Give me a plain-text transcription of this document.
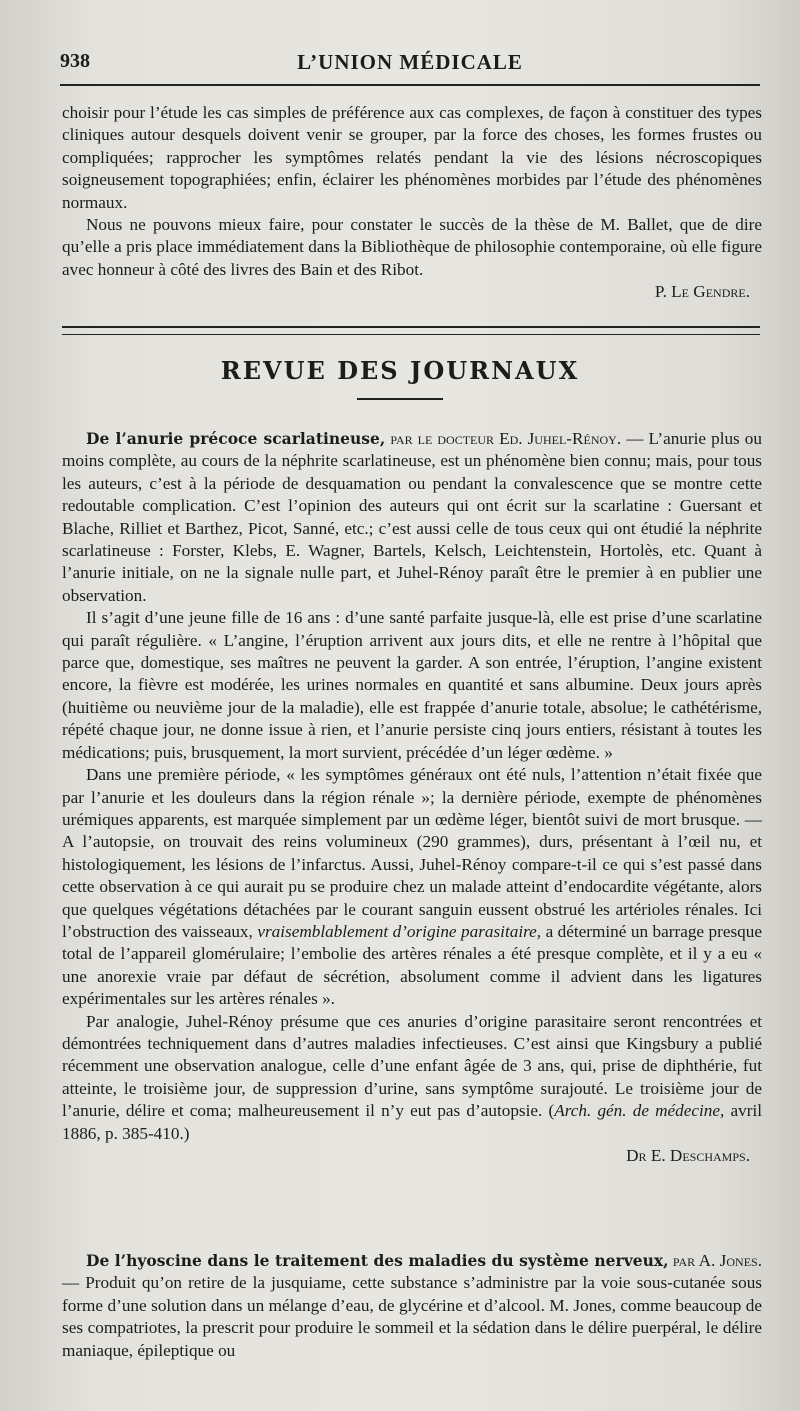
938	L’UNION MÉDICALE

choisir pour l’étude les cas simples de préférence aux cas complexes, de façon à constituer des types cliniques autour desquels doivent venir se grouper, par la force des choses, les formes frustes ou compliquées; rapprocher les symptômes relatés pendant la vie des lésions nécroscopiques soigneusement topographiées; enfin, éclairer les phénomènes morbides par l’étude des phénomènes normaux.

Nous ne pouvons mieux faire, pour constater le succès de la thèse de M. Ballet, que de dire qu’elle a pris place immédiatement dans la Bibliothèque de philosophie contemporaine, où elle figure avec honneur à côté des livres des Bain et des Ribot.

P. Le Gendre.

REVUE DES JOURNAUX

De l’anurie précoce scarlatineuse, par le docteur Ed. Juhel-Rénoy. — L’anurie plus ou moins complète, au cours de la néphrite scarlatineuse, est un phénomène bien connu; mais, pour tous les auteurs, c’est à la période de desquamation ou pendant la convalescence que se montre cette redoutable complication. C’est l’opinion des auteurs qui ont écrit sur la scarlatine : Guersant et Blache, Rilliet et Barthez, Picot, Sanné, etc.; c’est aussi celle de tous ceux qui ont étudié la néphrite scarlatineuse : Forster, Klebs, E. Wagner, Bartels, Kelsch, Leichtenstein, Hortolès, etc. Quant à l’anurie initiale, on ne la signale nulle part, et Juhel-Rénoy paraît être le premier à en publier une observation.

Il s’agit d’une jeune fille de 16 ans : d’une santé parfaite jusque-là, elle est prise d’une scarlatine qui paraît régulière. « L’angine, l’éruption arrivent aux jours dits, et elle ne rentre à l’hôpital que parce que, domestique, ses maîtres ne peuvent la garder. A son entrée, l’éruption, l’angine existent encore, la fièvre est modérée, les urines normales en quantité et sans albumine. Deux jours après (huitième ou neuvième jour de la maladie), elle est frappée d’anurie totale, absolue; le cathétérisme, répété chaque jour, ne donne issue à rien, et l’anurie persiste cinq jours entiers, résistant à toutes les médications; puis, brusquement, la mort survient, précédée d’un léger œdème. »

Dans une première période, « les symptômes généraux ont été nuls, l’attention n’était fixée que par l’anurie et les douleurs dans la région rénale »; la dernière période, exempte de phénomènes urémiques apparents, est marquée simplement par un œdème léger, bientôt suivi de mort brusque. — A l’autopsie, on trouvait des reins volumineux (290 grammes), durs, présentant à l’œil nu, et histologiquement, les lésions de l’infarctus. Aussi, Juhel-Rénoy compare-t-il ce qui s’est passé dans cette observation à ce qui aurait pu se produire chez un malade atteint d’endocardite végétante, alors que quelques végétations détachées par le courant sanguin eussent obstrué les artérioles rénales. Ici l’obstruction des vaisseaux, vraisemblablement d’origine parasitaire, a déterminé un barrage presque total de l’appareil glomérulaire; l’embolie des artères rénales a été presque complète, et il y a eu « une anorexie vraie par défaut de sécrétion, absolument comme il advient dans les ligatures expérimentales sur les artères rénales ».

Par analogie, Juhel-Rénoy présume que ces anuries d’origine parasitaire seront rencontrées et démontrées techniquement dans d’autres maladies infectieuses. C’est ainsi que Kingsbury a publié récemment une observation analogue, celle d’une enfant âgée de 3 ans, qui, prise de diphthérie, fut atteinte, le troisième jour, de suppression d’urine, sans symptôme surajouté. Le troisième jour de l’anurie, délire et coma; malheureusement il n’y eut pas d’autopsie. (Arch. gén. de médecine, avril 1886, p. 385-410.)

Dr E. Deschamps.

De l’hyoscine dans le traitement des maladies du système nerveux, par A. Jones. — Produit qu’on retire de la jusquiame, cette substance s’administre par la voie sous-cutanée sous forme d’une solution dans un mélange d’eau, de glycérine et d’alcool. M. Jones, comme beaucoup de ses compatriotes, la prescrit pour produire le sommeil et la sédation dans le délire puerpéral, le délire maniaque, épileptique ou
